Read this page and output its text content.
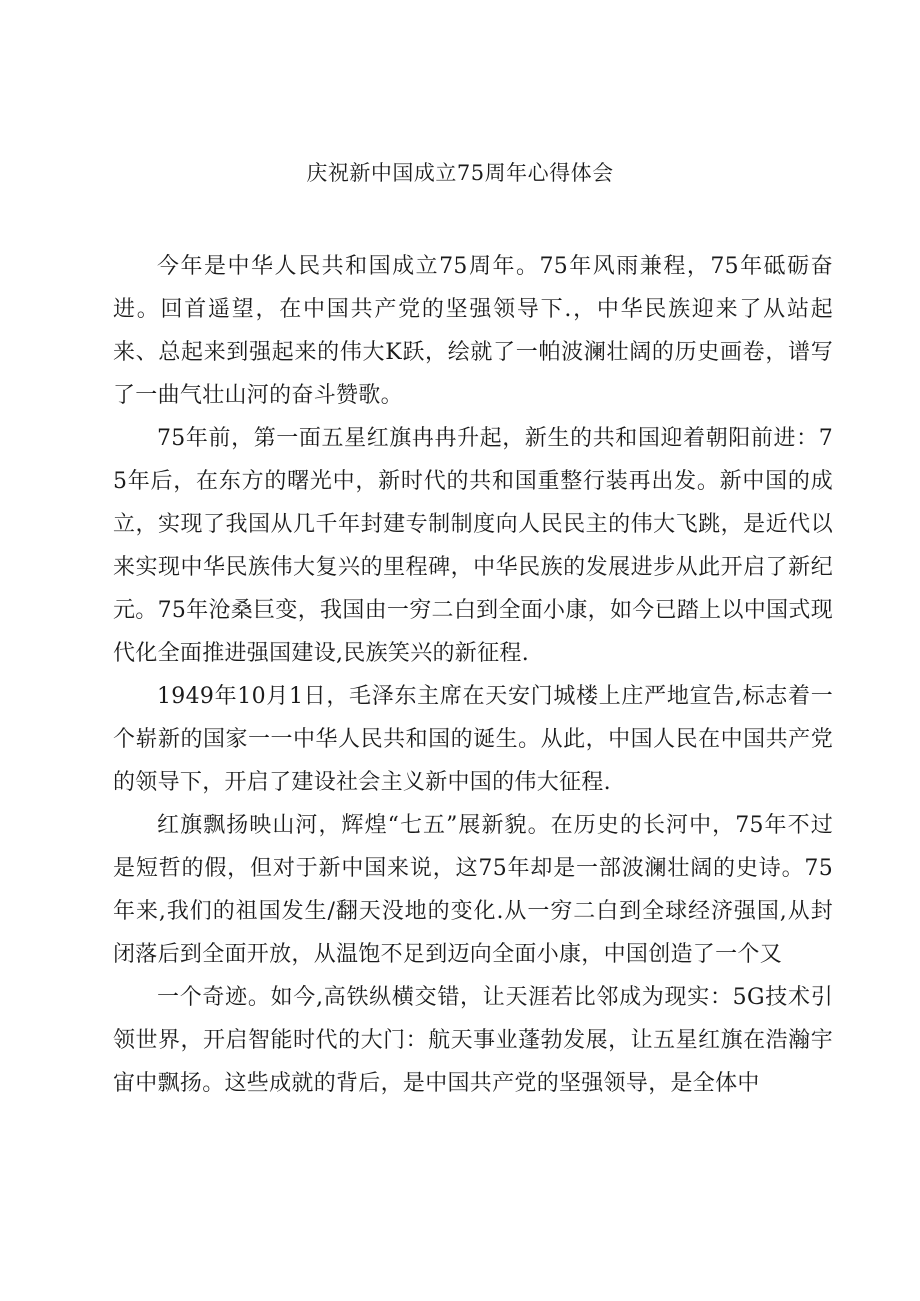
庆祝新中国成立75周年心得体会

今年是中华人民共和国成立75周年。75年风雨兼程，75年砥砺奋进。回首遥望，在中国共产党的坚强领导下.，中华民族迎来了从站起来、总起来到强起来的伟大K跃，绘就了一帕波澜壮阔的历史画卷，谱写了一曲气壮山河的奋斗赞歌。

75年前，第一面五星红旗冉冉升起，新生的共和国迎着朝阳前进：75年后，在东方的曙光中，新时代的共和国重整行装再出发。新中国的成立，实现了我国从几千年封建专制制度向人民民主的伟大飞跳，是近代以来实现中华民族伟大复兴的里程碑，中华民族的发展进步从此开启了新纪元。75年沧桑巨变，我国由一穷二白到全面小康，如今已踏上以中国式现代化全面推进强国建设,民族笑兴的新征程.

1949年10月1日，毛泽东主席在天安门城楼上庄严地宣告,标志着一个崭新的国家一一中华人民共和国的诞生。从此，中国人民在中国共产党的领导下，开启了建设社会主义新中国的伟大征程.

红旗飘扬映山河，辉煌“七五”展新貌。在历史的长河中，75年不过是短哲的假，但对于新中国来说，这75年却是一部波澜壮阔的史诗。75年来,我们的祖国发生/翻天没地的变化.从一穷二白到全球经济强国,从封闭落后到全面开放，从温饱不足到迈向全面小康，中国创造了一个又

一个奇迹。如今,高铁纵横交错，让天涯若比邻成为现实：5G技术引领世界，开启智能时代的大门：航天事业蓬勃发展，让五星红旗在浩瀚宇宙中飘扬。这些成就的背后，是中国共产党的坚强领导，是全体中
